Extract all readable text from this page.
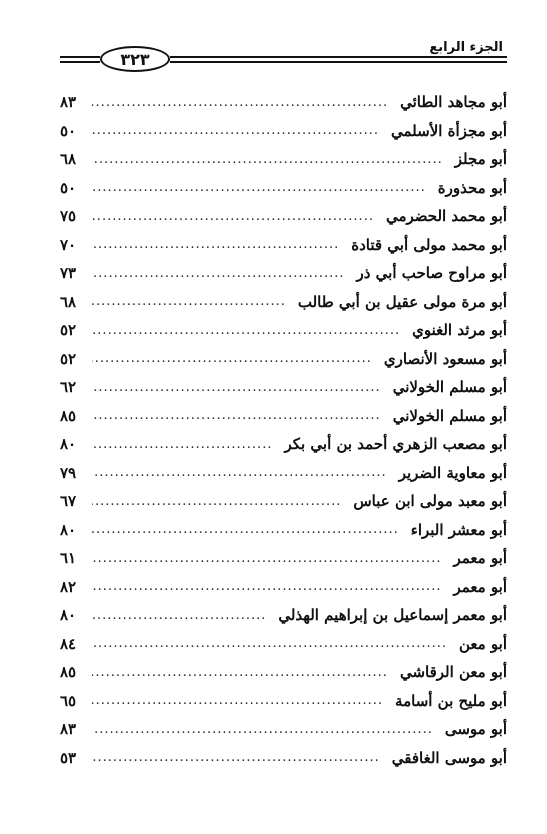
٣٢٣
الجزء الرابع
أبو مجاهد الطائي
.....
٨٣
أبو مجزأة الأسلمي
.....
٥٠
أبو مجلز
.....
٦٨
أبو محذورة
.....
٥٠
أبو محمد الحضرمي
.....
٧٥
أبو محمد مولى أبي قتادة
.....
٧٠
أبو مراوح صاحب أبي ذر
.....
٧٣
أبو مرة مولى عقيل بن أبي طالب
.....
٦٨
أبو مرثد الغنوي
.....
٥٢
أبو مسعود الأنصاري
.....
٥٢
أبو مسلم الخولاني
.....
٦٢
أبو مسلم الخولاني
.....
٨٥
أبو مصعب الزهري أحمد بن أبي بكر
.....
٨٠
أبو معاوية الضرير
.....
٧٩
أبو معبد مولى ابن عباس
.....
٦٧
أبو معشر البراء
.....
٨٠
أبو معمر
.....
٦١
أبو معمر
.....
٨٢
أبو معمر إسماعيل بن إبراهيم الهذلي
.....
٨٠
أبو معن
.....
٨٤
أبو معن الرقاشي
.....
٨٥
أبو مليح بن أسامة
.....
٦٥
أبو موسى
.....
٨٣
أبو موسى الغافقي
.....
٥٣
